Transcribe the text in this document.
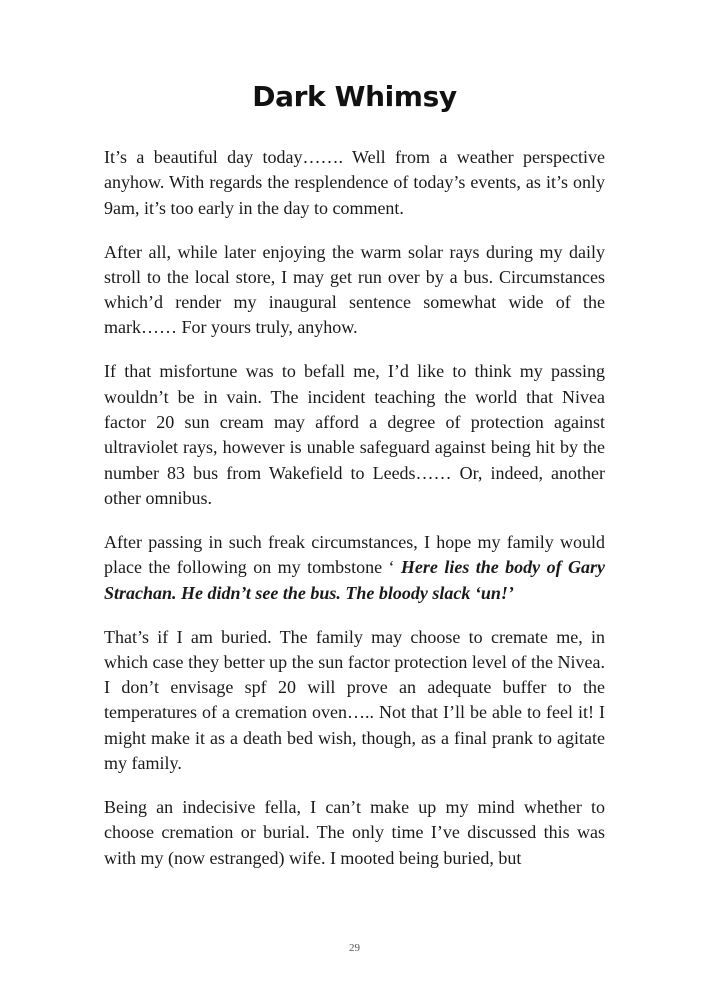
Dark Whimsy

It’s a beautiful day today……. Well from a weather perspective anyhow. With regards the resplendence of today’s events, as it’s only 9am, it’s too early in the day to comment.

After all, while later enjoying the warm solar rays during my daily stroll to the local store, I may get run over by a bus. Circumstances which’d render my inaugural sentence somewhat wide of the mark…… For yours truly, anyhow.

If that misfortune was to befall me, I’d like to think my passing wouldn’t be in vain. The incident teaching the world that Nivea factor 20 sun cream may afford a degree of protection against ultraviolet rays, however is unable safeguard against being hit by the number 83 bus from Wakefield to Leeds…… Or, indeed, another other omnibus.

After passing in such freak circumstances, I hope my family would place the following on my tombstone ‘ Here lies the body of Gary Strachan. He didn’t see the bus. The bloody slack ‘un!’

That’s if I am buried. The family may choose to cremate me, in which case they better up the sun factor protection level of the Nivea. I don’t envisage spf 20 will prove an adequate buffer to the temperatures of a cremation oven….. Not that I’ll be able to feel it! I might make it as a death bed wish, though, as a final prank to agitate my family.

Being an indecisive fella, I can’t make up my mind whether to choose cremation or burial. The only time I’ve discussed this was with my (now estranged) wife. I mooted being buried, but

29
